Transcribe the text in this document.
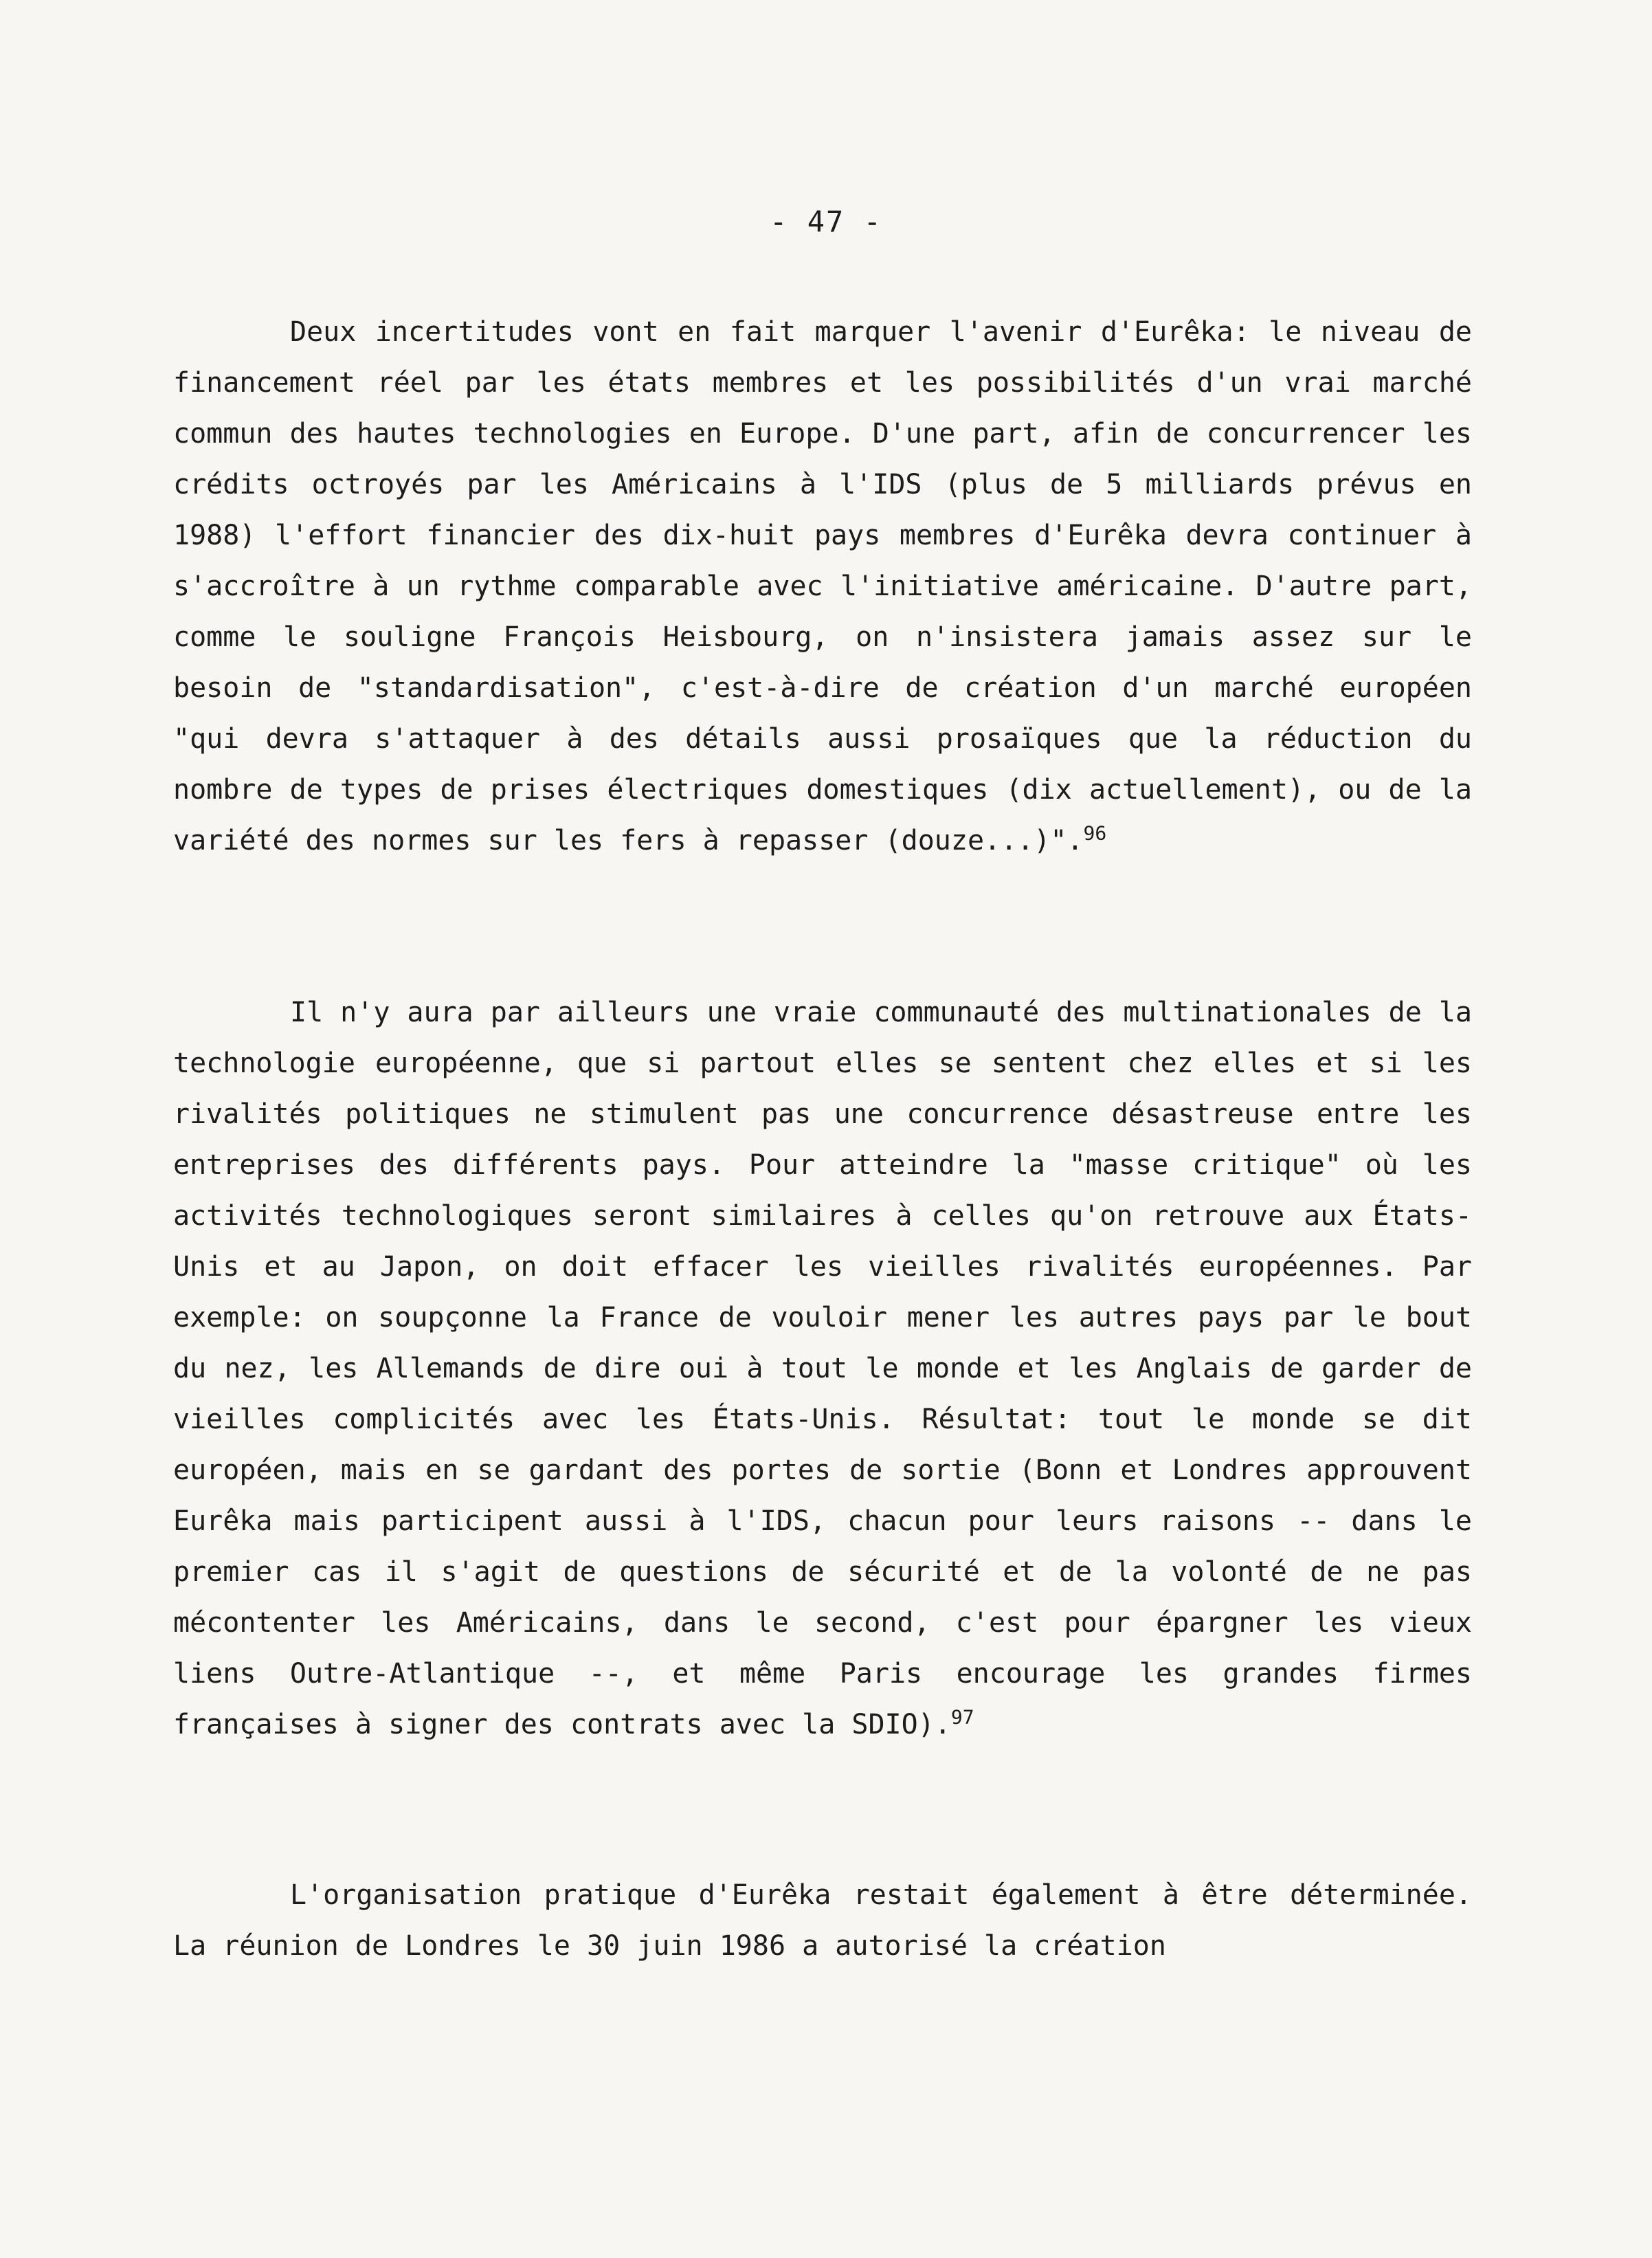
- 47 -

Deux incertitudes vont en fait marquer l'avenir d'Eurêka: le niveau de financement réel par les états membres et les possibilités d'un vrai marché commun des hautes technologies en Europe. D'une part, afin de concurrencer les crédits octroyés par les Américains à l'IDS (plus de 5 milliards prévus en 1988) l'effort financier des dix-huit pays membres d'Eurêka devra continuer à s'accroître à un rythme comparable avec l'initiative américaine. D'autre part, comme le souligne François Heisbourg, on n'insistera jamais assez sur le besoin de "standardisation", c'est-à-dire de création d'un marché européen "qui devra s'attaquer à des détails aussi prosaïques que la réduction du nombre de types de prises électriques domestiques (dix actuellement), ou de la variété des normes sur les fers à repasser (douze...)".$^{96}$

Il n'y aura par ailleurs une vraie communauté des multinationales de la technologie européenne, que si partout elles se sentent chez elles et si les rivalités politiques ne stimulent pas une concurrence désastreuse entre les entreprises des différents pays. Pour atteindre la "masse critique" où les activités technologiques seront similaires à celles qu'on retrouve aux États-Unis et au Japon, on doit effacer les vieilles rivalités européennes. Par exemple: on soupçonne la France de vouloir mener les autres pays par le bout du nez, les Allemands de dire oui à tout le monde et les Anglais de garder de vieilles complicités avec les États-Unis. Résultat: tout le monde se dit européen, mais en se gardant des portes de sortie (Bonn et Londres approuvent Eurêka mais participent aussi à l'IDS, chacun pour leurs raisons -- dans le premier cas il s'agit de questions de sécurité et de la volonté de ne pas mécontenter les Américains, dans le second, c'est pour épargner les vieux liens Outre-Atlantique --, et même Paris encourage les grandes firmes françaises à signer des contrats avec la SDIO).$^{97}$

L'organisation pratique d'Eurêka restait également à être déterminée. La réunion de Londres le 30 juin 1986 a autorisé la création
